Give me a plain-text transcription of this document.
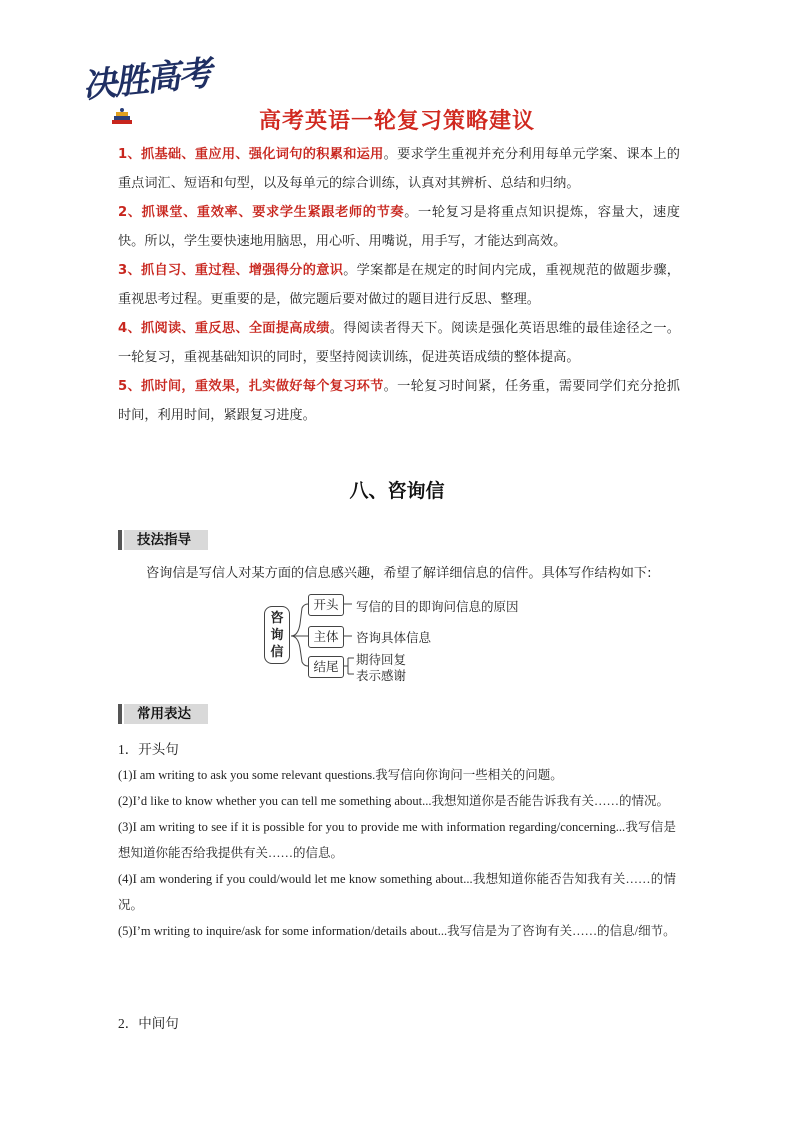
决胜高考
高考英语一轮复习策略建议

1、抓基础、重应用、强化词句的积累和运用。要求学生重视并充分利用每单元学案、课本上的重点词汇、短语和句型，以及每单元的综合训练，认真对其辨析、总结和归纳。

2、抓课堂、重效率、要求学生紧跟老师的节奏。一轮复习是将重点知识提炼，容量大，速度快。所以，学生要快速地用脑思，用心听、用嘴说，用手写，才能达到高效。

3、抓自习、重过程、增强得分的意识。学案都是在规定的时间内完成，重视规范的做题步骤，重视思考过程。更重要的是，做完题后要对做过的题目进行反思、整理。

4、抓阅读、重反思、全面提高成绩。得阅读者得天下。阅读是强化英语思维的最佳途径之一。一轮复习，重视基础知识的同时，要坚持阅读训练，促进英语成绩的整体提高。

5、抓时间，重效果，扎实做好每个复习环节。一轮复习时间紧，任务重，需要同学们充分抢抓时间，利用时间，紧跟复习进度。

八、咨询信
技法指导
咨询信是写信人对某方面的信息感兴趣，希望了解详细信息的信件。具体写作结构如下:
咨询信
开头	写信的目的即询问信息的原因
主体	咨询具体信息
结尾	期待回复
表示感谢
常用表达
1．开头句

(1)I am writing to ask you some relevant questions.我写信向你询问一些相关的问题。

(2)I’d like to know whether you can tell me something about...我想知道你是否能告诉我有关……的情况。

(3)I am writing to see if it is possible for you to provide me with information regarding/concerning...我写信是想知道你能否给我提供有关……的信息。

(4)I am wondering if you could/would let me know something about...我想知道你能否告知我有关……的情况。

(5)I’m writing to inquire/ask for some information/details about...我写信是为了咨询有关……的信息/细节。

2．中间句
